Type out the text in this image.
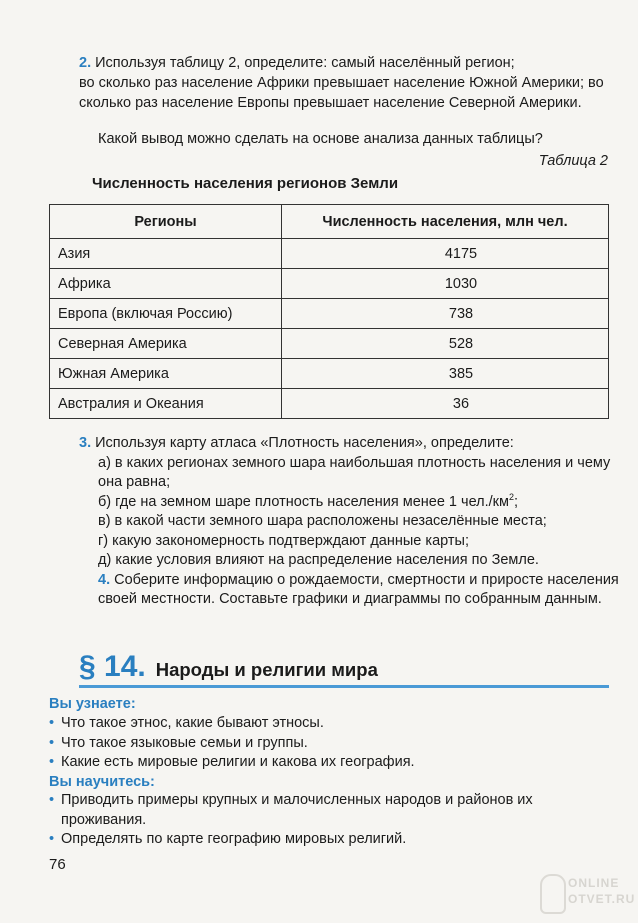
2. Используя таблицу 2, определите: самый населённый регион;
во сколько раз население Африки превышает население Южной Америки; во сколько раз население Европы превышает население Северной Америки.
Какой вывод можно сделать на основе анализа данных таблицы?
Таблица 2
Численность населения регионов Земли
Регионы	Численность населения, млн чел.
Азия	4175
Африка	1030
Европа (включая Россию)	738
Северная Америка	528
Южная Америка	385
Австралия и Океания	36
3. Используя карту атласа «Плотность населения», определите:
а) в каких регионах земного шара наибольшая плотность населения и чему она равна;
б) где на земном шаре плотность населения менее 1 $чел./км^2$;
в) в какой части земного шара расположены незаселённые места;
г) какую закономерность подтверждают данные карты;
д) какие условия влияют на распределение населения по Земле.
4. Соберите информацию о рождаемости, смертности и приросте населения своей местности. Составьте графики и диаграммы по собранным данным.
§ 14. Народы и религии мира
Вы узнаете:
• Что такое этнос, какие бывают этносы.
• Что такое языковые семьи и группы.
• Какие есть мировые религии и какова их география.
Вы научитесь:
• Приводить примеры крупных и малочисленных народов и районов их проживания.
• Определять по карте географию мировых религий.
76
ONLINE
OTVET.RU
